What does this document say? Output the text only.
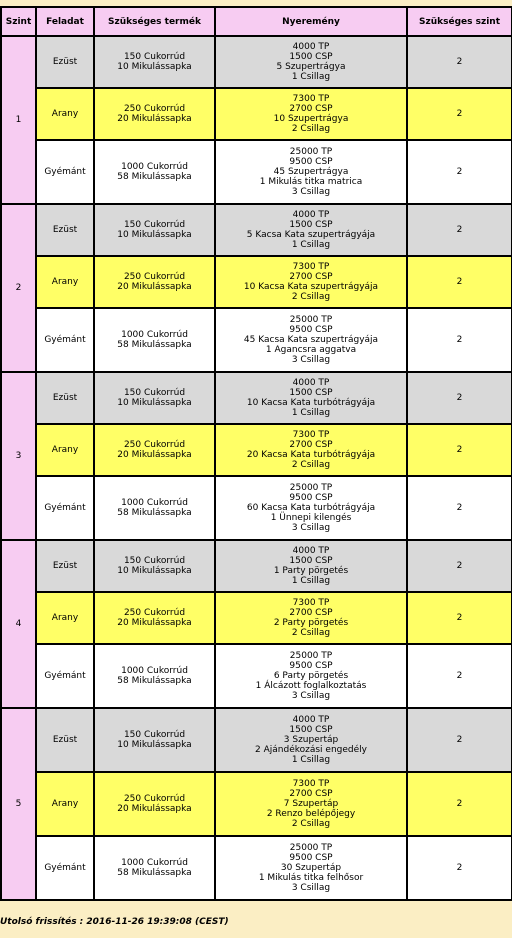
Szint	Feladat	Szükséges termék	Nyeremény	Szükséges szint
1	Ezüst	150 Cukorrúd
10 Mikulássapka	4000 TP
1500 CSP
5 Szupertrágya
1 Csillag	2
	Arany	250 Cukorrúd
20 Mikulássapka	7300 TP
2700 CSP
10 Szupertrágya
2 Csillag	2
	Gyémánt	1000 Cukorrúd
58 Mikulássapka	25000 TP
9500 CSP
45 Szupertrágya
1 Mikulás titka matrica
3 Csillag	2
2	Ezüst	150 Cukorrúd
10 Mikulássapka	4000 TP
1500 CSP
5 Kacsa Kata szupertrágyája
1 Csillag	2
	Arany	250 Cukorrúd
20 Mikulássapka	7300 TP
2700 CSP
10 Kacsa Kata szupertrágyája
2 Csillag	2
	Gyémánt	1000 Cukorrúd
58 Mikulássapka	25000 TP
9500 CSP
45 Kacsa Kata szupertrágyája
1 Agancsra aggatva
3 Csillag	2
3	Ezüst	150 Cukorrúd
10 Mikulássapka	4000 TP
1500 CSP
10 Kacsa Kata turbótrágyája
1 Csillag	2
	Arany	250 Cukorrúd
20 Mikulássapka	7300 TP
2700 CSP
20 Kacsa Kata turbótrágyája
2 Csillag	2
	Gyémánt	1000 Cukorrúd
58 Mikulássapka	25000 TP
9500 CSP
60 Kacsa Kata turbótrágyája
1 Ünnepi kilengés
3 Csillag	2
4	Ezüst	150 Cukorrúd
10 Mikulássapka	4000 TP
1500 CSP
1 Party pörgetés
1 Csillag	2
	Arany	250 Cukorrúd
20 Mikulássapka	7300 TP
2700 CSP
2 Party pörgetés
2 Csillag	2
	Gyémánt	1000 Cukorrúd
58 Mikulássapka	25000 TP
9500 CSP
6 Party pörgetés
1 Álcázott foglalkoztatás
3 Csillag	2
5	Ezüst	150 Cukorrúd
10 Mikulássapka	4000 TP
1500 CSP
3 Szupertáp
2 Ajándékozási engedély
1 Csillag	2
	Arany	250 Cukorrúd
20 Mikulássapka	7300 TP
2700 CSP
7 Szupertáp
2 Renzo belépőjegy
2 Csillag	2
	Gyémánt	1000 Cukorrúd
58 Mikulássapka	25000 TP
9500 CSP
30 Szupertáp
1 Mikulás titka felhősor
3 Csillag	2
Utolsó frissítés : 2016-11-26 19:39:08 (CEST)
